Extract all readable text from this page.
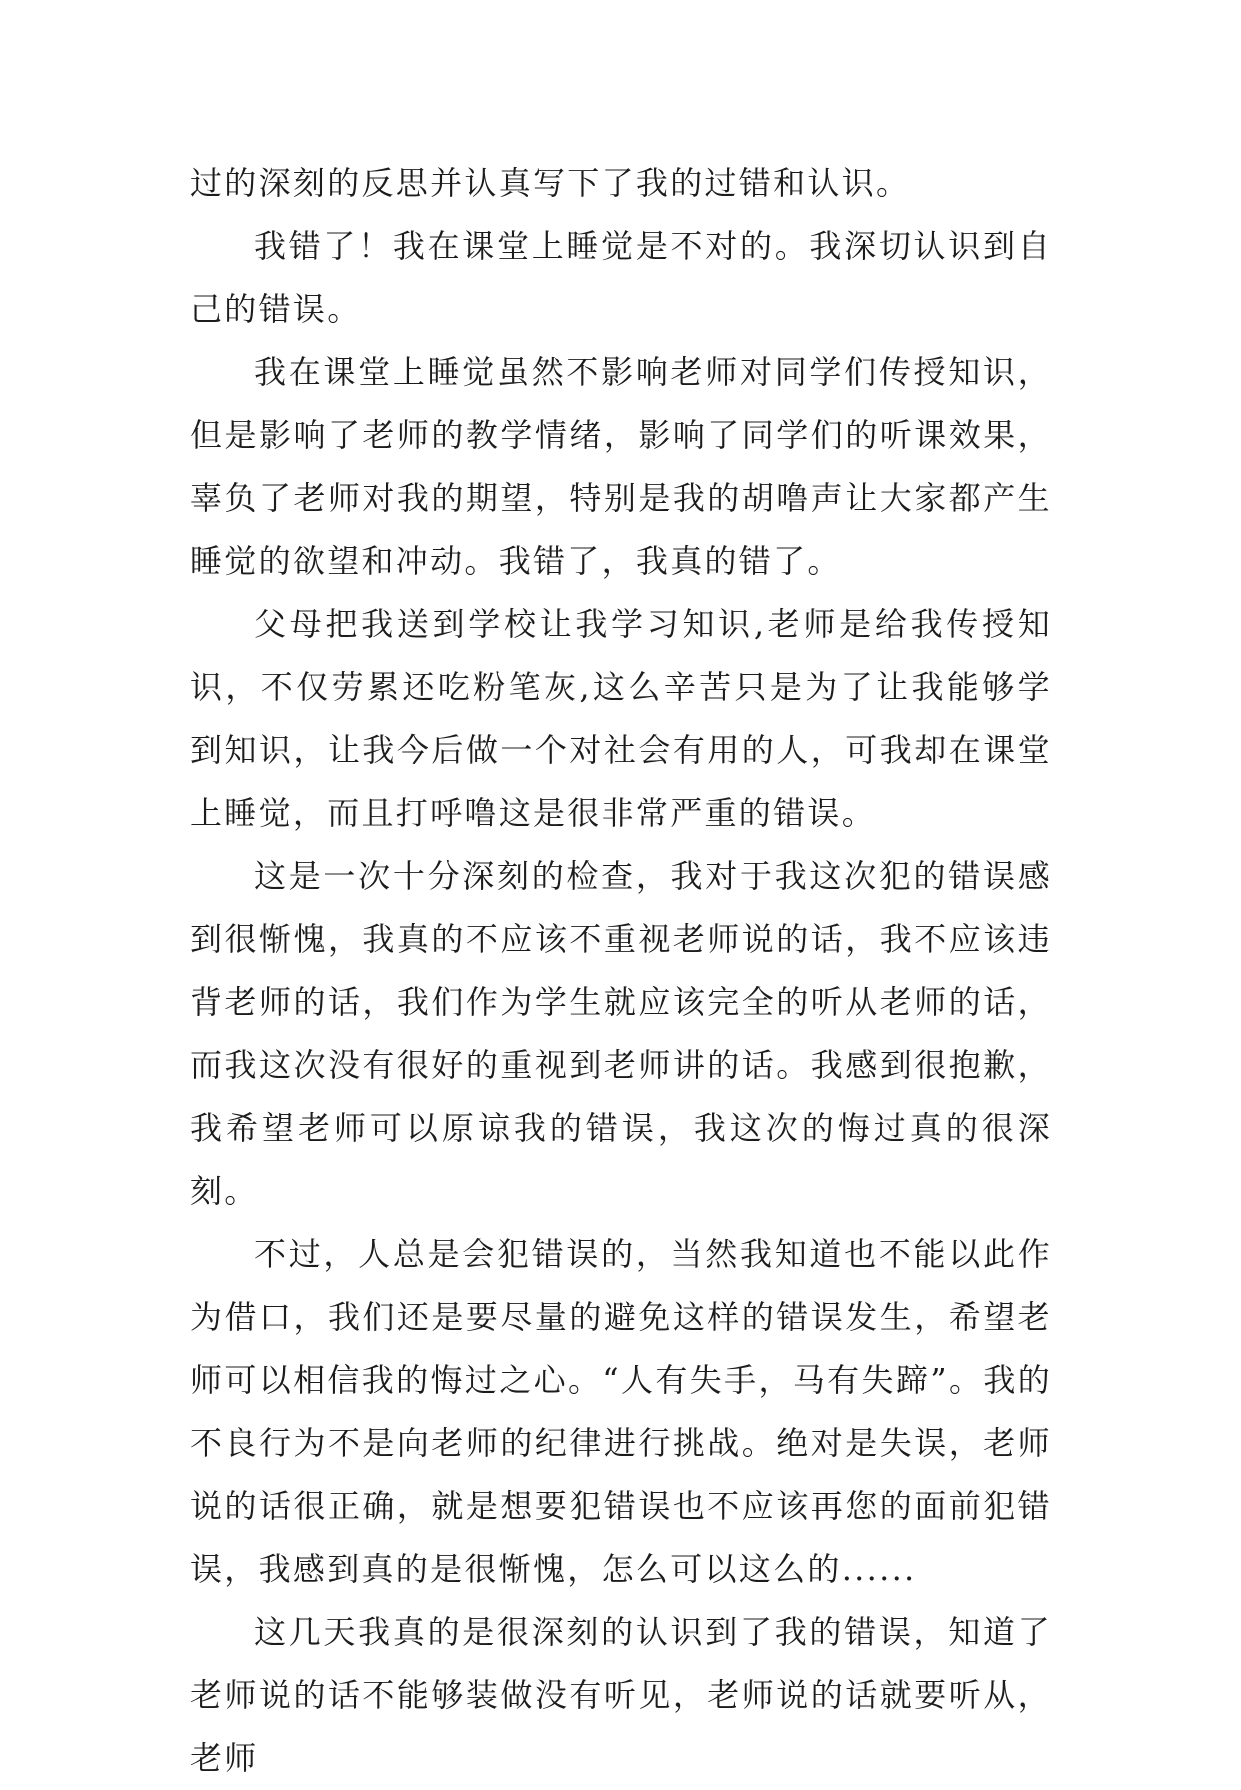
过的深刻的反思并认真写下了我的过错和认识。

我错了！我在课堂上睡觉是不对的。我深切认识到自己的错误。

我在课堂上睡觉虽然不影响老师对同学们传授知识，但是影响了老师的教学情绪，影响了同学们的听课效果，辜负了老师对我的期望，特别是我的胡噜声让大家都产生睡觉的欲望和冲动。我错了，我真的错了。

父母把我送到学校让我学习知识,老师是给我传授知识，不仅劳累还吃粉笔灰,这么辛苦只是为了让我能够学到知识，让我今后做一个对社会有用的人，可我却在课堂上睡觉，而且打呼噜这是很非常严重的错误。

这是一次十分深刻的检查，我对于我这次犯的错误感到很惭愧，我真的不应该不重视老师说的话，我不应该违背老师的话，我们作为学生就应该完全的听从老师的话，而我这次没有很好的重视到老师讲的话。我感到很抱歉，我希望老师可以原谅我的错误，我这次的悔过真的很深刻。

不过，人总是会犯错误的，当然我知道也不能以此作为借口，我们还是要尽量的避免这样的错误发生，希望老师可以相信我的悔过之心。“人有失手，马有失蹄”。我的不良行为不是向老师的纪律进行挑战。绝对是失误，老师说的话很正确，就是想要犯错误也不应该再您的面前犯错误，我感到真的是很惭愧，怎么可以这么的......

这几天我真的是很深刻的认识到了我的错误，知道了老师说的话不能够装做没有听见，老师说的话就要听从，老师
